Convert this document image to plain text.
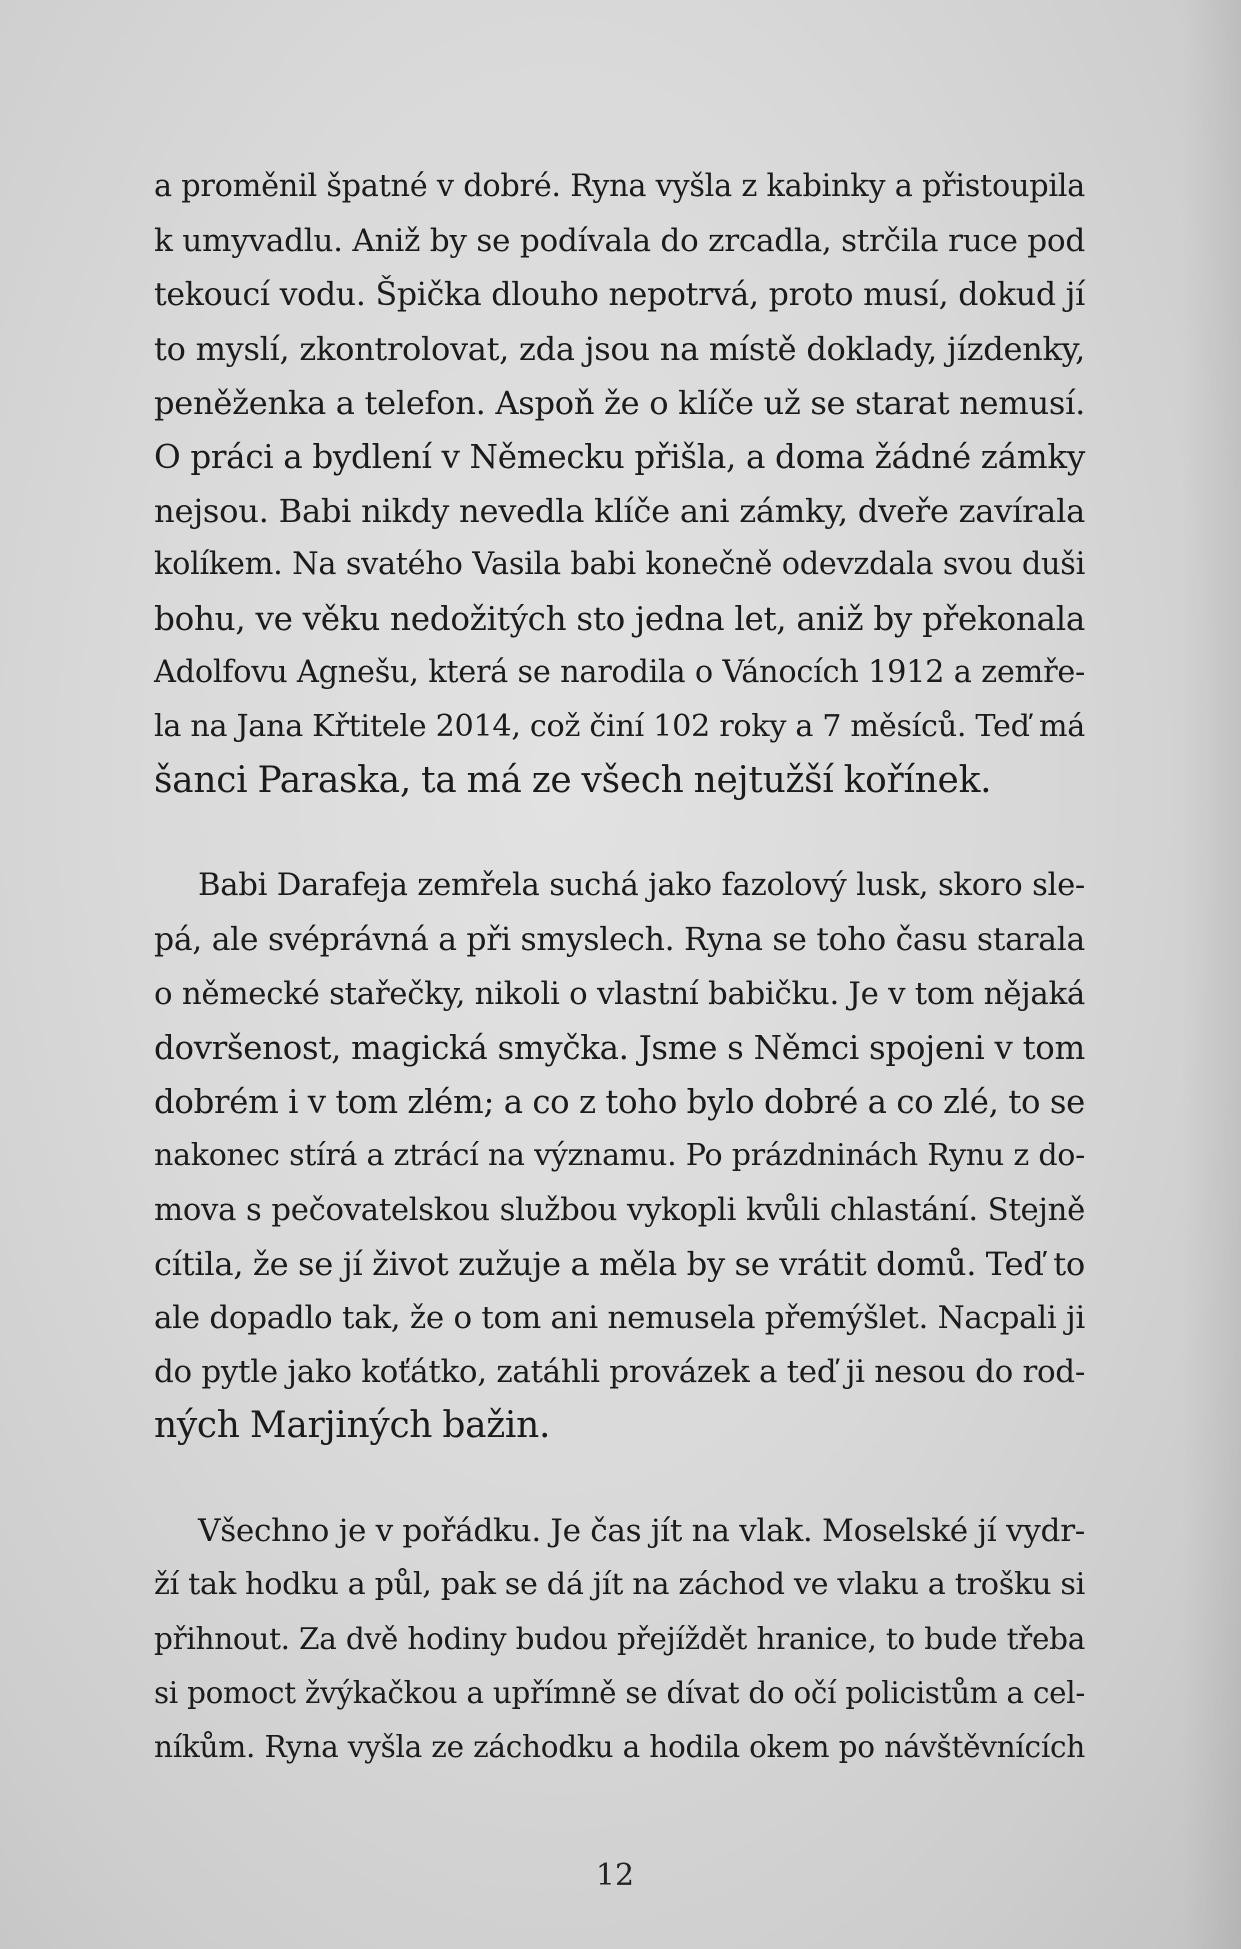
a proměnil špatné v dobré. Ryna vyšla z kabinky a přistoupila
k umyvadlu. Aniž by se podívala do zrcadla, strčila ruce pod
tekoucí vodu. Špička dlouho nepotrvá, proto musí, dokud jí
to myslí, zkontrolovat, zda jsou na místě doklady, jízdenky,
peněženka a telefon. Aspoň že o klíče už se starat nemusí.
O práci a bydlení v Německu přišla, a doma žádné zámky
nejsou. Babi nikdy nevedla klíče ani zámky, dveře zavírala
kolíkem. Na svatého Vasila babi konečně odevzdala svou duši
bohu, ve věku nedožitých sto jedna let, aniž by překonala
Adolfovu Agnešu, která se narodila o Vánocích 1912 a zemře-
la na Jana Křtitele 2014, což činí 102 roky a 7 měsíců. Teď má
šanci Paraska, ta má ze všech nejtužší kořínek.
Babi Darafeja zemřela suchá jako fazolový lusk, skoro sle-
pá, ale svéprávná a při smyslech. Ryna se toho času starala
o německé stařečky, nikoli o vlastní babičku. Je v tom nějaká
dovršenost, magická smyčka. Jsme s Němci spojeni v tom
dobrém i v tom zlém; a co z toho bylo dobré a co zlé, to se
nakonec stírá a ztrácí na významu. Po prázdninách Rynu z do-
mova s pečovatelskou službou vykopli kvůli chlastání. Stejně
cítila, že se jí život zužuje a měla by se vrátit domů. Teď to
ale dopadlo tak, že o tom ani nemusela přemýšlet. Nacpali ji
do pytle jako koťátko, zatáhli provázek a teď ji nesou do rod-
ných Marjiných bažin.
Všechno je v pořádku. Je čas jít na vlak. Moselské jí vydr-
ží tak hodku a půl, pak se dá jít na záchod ve vlaku a trošku si
přihnout. Za dvě hodiny budou přejíždět hranice, to bude třeba
si pomoct žvýkačkou a upřímně se dívat do očí policistům a cel-
níkům. Ryna vyšla ze záchodku a hodila okem po návštěvnících
12
